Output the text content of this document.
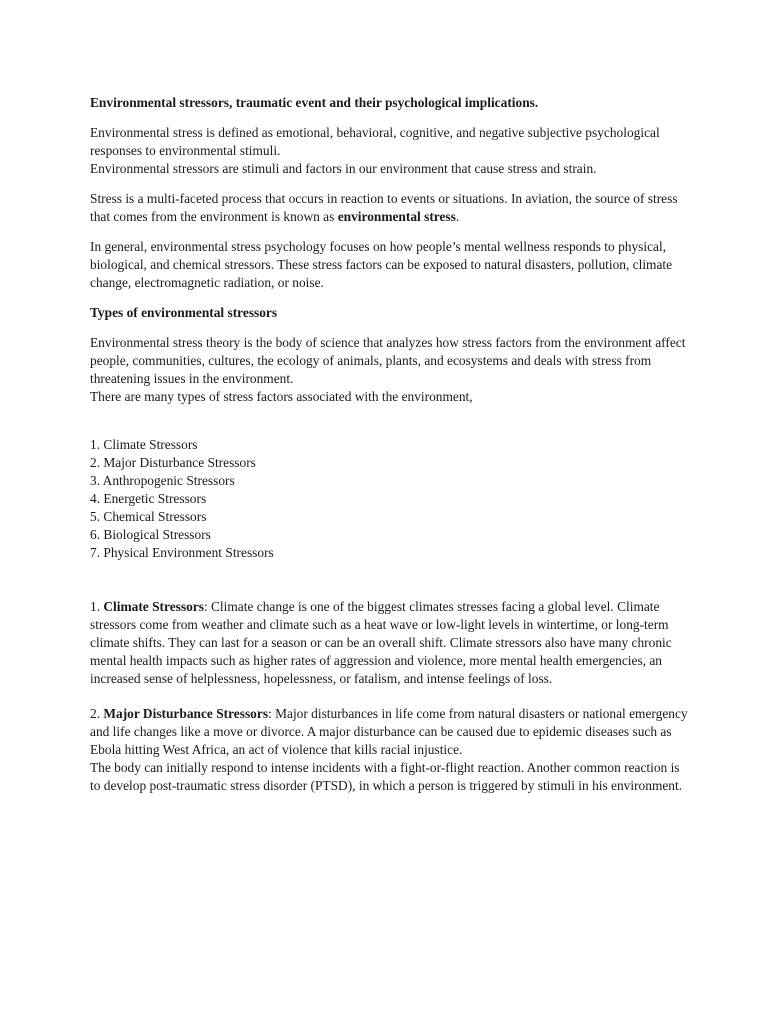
Environmental stressors, traumatic event and their psychological implications.

Environmental stress is defined as emotional, behavioral, cognitive, and negative subjective psychological responses to environmental stimuli.

Environmental stressors are stimuli and factors in our environment that cause stress and strain.

Stress is a multi-faceted process that occurs in reaction to events or situations. In aviation, the source of stress that comes from the environment is known as environmental stress.

In general, environmental stress psychology focuses on how people’s mental wellness responds to physical, biological, and chemical stressors. These stress factors can be exposed to natural disasters, pollution, climate change, electromagnetic radiation, or noise.

Types of environmental stressors

Environmental stress theory is the body of science that analyzes how stress factors from the environment affect people, communities, cultures, the ecology of animals, plants, and ecosystems and deals with stress from threatening issues in the environment.

There are many types of stress factors associated with the environment,

1. Climate Stressors
2. Major Disturbance Stressors
3. Anthropogenic Stressors
4. Energetic Stressors
5. Chemical Stressors
6. Biological Stressors
7. Physical Environment Stressors

1. Climate Stressors: Climate change is one of the biggest climates stresses facing a global level. Climate stressors come from weather and climate such as a heat wave or low-light levels in wintertime, or long-term climate shifts. They can last for a season or can be an overall shift. Climate stressors also have many chronic mental health impacts such as higher rates of aggression and violence, more mental health emergencies, an increased sense of helplessness, hopelessness, or fatalism, and intense feelings of loss.

2. Major Disturbance Stressors: Major disturbances in life come from natural disasters or national emergency and life changes like a move or divorce. A major disturbance can be caused due to epidemic diseases such as Ebola hitting West Africa, an act of violence that kills racial injustice.

The body can initially respond to intense incidents with a fight-or-flight reaction. Another common reaction is to develop post-traumatic stress disorder (PTSD), in which a person is triggered by stimuli in his environment.
